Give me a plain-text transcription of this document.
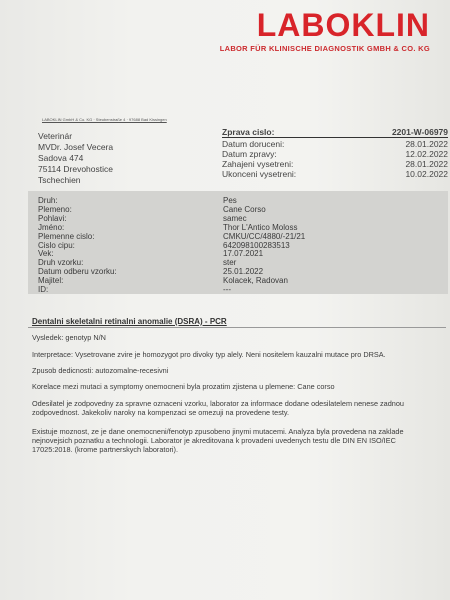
LABOKLIN
LABOR FÜR KLINISCHE DIAGNOSTIK GMBH & CO. KG
LABOKLIN GmbH & Co. KG · Steubenstraße 4 · 97688 Bad Kissingen
Veterinár
MVDr. Josef Vecera
Sadova 474
75114 Drevohostice
Tschechien
Zprava cislo:	2201-W-06979
Datum doruceni:	28.01.2022
Datum zpravy:	12.02.2022
Zahajeni vysetreni:	28.01.2022
Ukonceni vysetreni:	10.02.2022
Druh:	Pes
Plemeno:	Cane Corso
Pohlavi:	samec
Jméno:	Thor L'Antico Moloss
Plemenne cislo:	CMKU/CC/4880/-21/21
Cislo cipu:	642098100283513
Vek:	17.07.2021
Druh vzorku:	ster
Datum odberu vzorku:	25.01.2022
Majitel:	Kolacek, Radovan
ID:	---
Dentalni skeletalni retinalni anomalie (DSRA) - PCR
Vysledek: genotyp N/N
Interpretace: Vysetrovane zvire je homozygot pro divoky typ alely. Neni nositelem kauzalni mutace pro DRSA.
Zpusob dedicnosti: autozomalne-recesivni
Korelace mezi mutaci a symptomy onemocneni byla prozatim zjistena u plemene: Cane corso
Odesilatel je zodpovedny za spravne oznaceni vzorku, laborator za informace dodane odesilatelem nenese zadnou zodpovednost. Jakekoliv naroky na kompenzaci se omezuji na provedene testy.
Existuje moznost, ze je dane onemocneni/fenotyp zpusobeno jinymi mutacemi. Analyza byla provedena na zaklade nejnovejsich poznatku a technologii. Laborator je akreditovana k provadeni uvedenych testu dle DIN EN ISO/IEC 17025:2018. (krome partnerskych laboratori).
